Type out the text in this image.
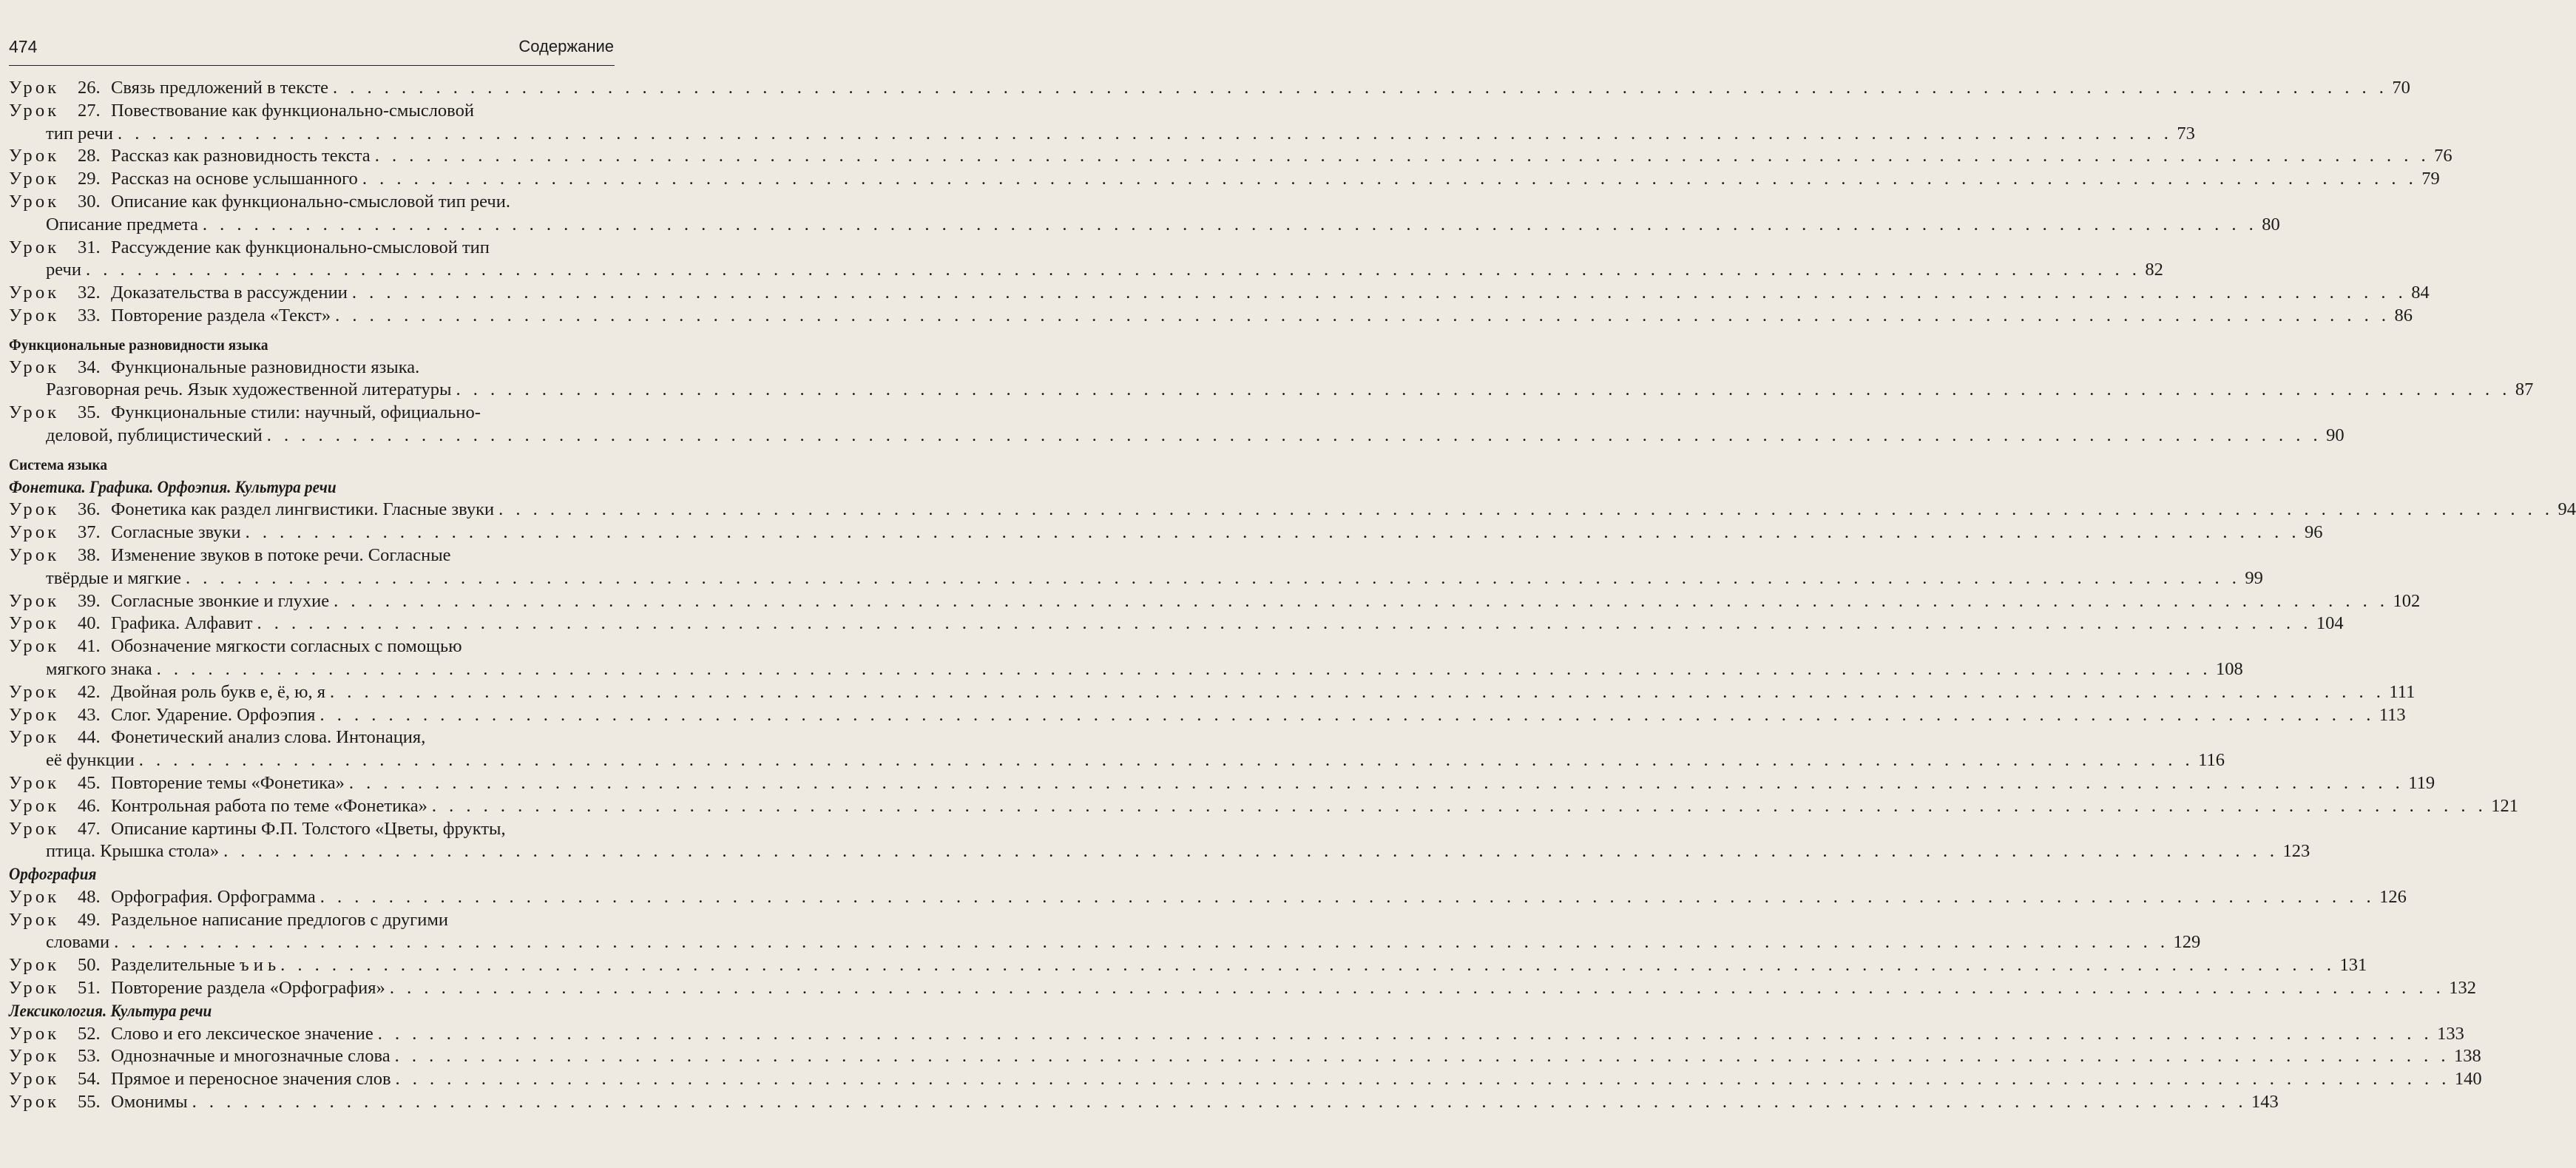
474	Содержание
Урок 26. Связь предложений в тексте . . . . . . . . . . . . . . . . . . . . . . . . . . . . . . . . . . . . . . . . . . . . . . . . . . . . . . . . . . . . . . . . . . . . . . . . . . . . . . . . . . . . . . . . . . . . . . . . . . . . . . . . . . . . . . . . . . . . . . . . 70
Урок 27. Повествование как функционально-смысловой
тип речи . . . . . . . . . . . . . . . . . . . . . . . . . . . . . . . . . . . . . . . . . . . . . . . . . . . . . . . . . . . . . . . . . . . . . . . . . . . . . . . . . . . . . . . . . . . . . . . . . . . . . . . . . . . . . . . . . . . . . . . . 73
Урок 28. Рассказ как разновидность текста . . . . . . . . . . . . . . . . . . . . . . . . . . . . . . . . . . . . . . . . . . . . . . . . . . . . . . . . . . . . . . . . . . . . . . . . . . . . . . . . . . . . . . . . . . . . . . . . . . . . . . . . . . . . . . . . . . . . . . . . 76
Урок 29. Рассказ на основе услышанного . . . . . . . . . . . . . . . . . . . . . . . . . . . . . . . . . . . . . . . . . . . . . . . . . . . . . . . . . . . . . . . . . . . . . . . . . . . . . . . . . . . . . . . . . . . . . . . . . . . . . . . . . . . . . . . . . . . . . . . . 79
Урок 30. Описание как функционально-смысловой тип речи.
Описание предмета . . . . . . . . . . . . . . . . . . . . . . . . . . . . . . . . . . . . . . . . . . . . . . . . . . . . . . . . . . . . . . . . . . . . . . . . . . . . . . . . . . . . . . . . . . . . . . . . . . . . . . . . . . . . . . . . . . . . . . . . 80
Урок 31. Рассуждение как функционально-смысловой тип
речи . . . . . . . . . . . . . . . . . . . . . . . . . . . . . . . . . . . . . . . . . . . . . . . . . . . . . . . . . . . . . . . . . . . . . . . . . . . . . . . . . . . . . . . . . . . . . . . . . . . . . . . . . . . . . . . . . . . . . . . . 82
Урок 32. Доказательства в рассуждении . . . . . . . . . . . . . . . . . . . . . . . . . . . . . . . . . . . . . . . . . . . . . . . . . . . . . . . . . . . . . . . . . . . . . . . . . . . . . . . . . . . . . . . . . . . . . . . . . . . . . . . . . . . . . . . . . . . . . . . . 84
Урок 33. Повторение раздела «Текст» . . . . . . . . . . . . . . . . . . . . . . . . . . . . . . . . . . . . . . . . . . . . . . . . . . . . . . . . . . . . . . . . . . . . . . . . . . . . . . . . . . . . . . . . . . . . . . . . . . . . . . . . . . . . . . . . . . . . . . . . 86
Функциональные разновидности языка
Урок 34. Функциональные разновидности языка.
Разговорная речь. Язык художественной литературы . . . . . . . . . . . . . . . . . . . . . . . . . . . . . . . . . . . . . . . . . . . . . . . . . . . . . . . . . . . . . . . . . . . . . . . . . . . . . . . . . . . . . . . . . . . . . . . . . . . . . . . . . . . . . . . . . . . . . . . . 87
Урок 35. Функциональные стили: научный, официально-
деловой, публицистический . . . . . . . . . . . . . . . . . . . . . . . . . . . . . . . . . . . . . . . . . . . . . . . . . . . . . . . . . . . . . . . . . . . . . . . . . . . . . . . . . . . . . . . . . . . . . . . . . . . . . . . . . . . . . . . . . . . . . . . . 90
Система языка
Фонетика. Графика. Орфоэпия. Культура речи
Урок 36. Фонетика как раздел лингвистики. Гласные звуки . . . . . . . . . . . . . . . . . . . . . . . . . . . . . . . . . . . . . . . . . . . . . . . . . . . . . . . . . . . . . . . . . . . . . . . . . . . . . . . . . . . . . . . . . . . . . . . . . . . . . . . . . . . . . . . . . . . . . . . . 94
Урок 37. Согласные звуки . . . . . . . . . . . . . . . . . . . . . . . . . . . . . . . . . . . . . . . . . . . . . . . . . . . . . . . . . . . . . . . . . . . . . . . . . . . . . . . . . . . . . . . . . . . . . . . . . . . . . . . . . . . . . . . . . . . . . . . . 96
Урок 38. Изменение звуков в потоке речи. Согласные
твёрдые и мягкие . . . . . . . . . . . . . . . . . . . . . . . . . . . . . . . . . . . . . . . . . . . . . . . . . . . . . . . . . . . . . . . . . . . . . . . . . . . . . . . . . . . . . . . . . . . . . . . . . . . . . . . . . . . . . . . . . . . . . . . . 99
Урок 39. Согласные звонкие и глухие . . . . . . . . . . . . . . . . . . . . . . . . . . . . . . . . . . . . . . . . . . . . . . . . . . . . . . . . . . . . . . . . . . . . . . . . . . . . . . . . . . . . . . . . . . . . . . . . . . . . . . . . . . . . . . . . . . . . . . . . 102
Урок 40. Графика. Алфавит . . . . . . . . . . . . . . . . . . . . . . . . . . . . . . . . . . . . . . . . . . . . . . . . . . . . . . . . . . . . . . . . . . . . . . . . . . . . . . . . . . . . . . . . . . . . . . . . . . . . . . . . . . . . . . . . . . . . . . . . 104
Урок 41. Обозначение мягкости согласных с помощью
мягкого знака . . . . . . . . . . . . . . . . . . . . . . . . . . . . . . . . . . . . . . . . . . . . . . . . . . . . . . . . . . . . . . . . . . . . . . . . . . . . . . . . . . . . . . . . . . . . . . . . . . . . . . . . . . . . . . . . . . . . . . . . 108
Урок 42. Двойная роль букв е, ё, ю, я . . . . . . . . . . . . . . . . . . . . . . . . . . . . . . . . . . . . . . . . . . . . . . . . . . . . . . . . . . . . . . . . . . . . . . . . . . . . . . . . . . . . . . . . . . . . . . . . . . . . . . . . . . . . . . . . . . . . . . . . 111
Урок 43. Слог. Ударение. Орфоэпия . . . . . . . . . . . . . . . . . . . . . . . . . . . . . . . . . . . . . . . . . . . . . . . . . . . . . . . . . . . . . . . . . . . . . . . . . . . . . . . . . . . . . . . . . . . . . . . . . . . . . . . . . . . . . . . . . . . . . . . . 113
Урок 44. Фонетический анализ слова. Интонация,
её функции . . . . . . . . . . . . . . . . . . . . . . . . . . . . . . . . . . . . . . . . . . . . . . . . . . . . . . . . . . . . . . . . . . . . . . . . . . . . . . . . . . . . . . . . . . . . . . . . . . . . . . . . . . . . . . . . . . . . . . . . 116
Урок 45. Повторение темы «Фонетика» . . . . . . . . . . . . . . . . . . . . . . . . . . . . . . . . . . . . . . . . . . . . . . . . . . . . . . . . . . . . . . . . . . . . . . . . . . . . . . . . . . . . . . . . . . . . . . . . . . . . . . . . . . . . . . . . . . . . . . . . 119
Урок 46. Контрольная работа по теме «Фонетика» . . . . . . . . . . . . . . . . . . . . . . . . . . . . . . . . . . . . . . . . . . . . . . . . . . . . . . . . . . . . . . . . . . . . . . . . . . . . . . . . . . . . . . . . . . . . . . . . . . . . . . . . . . . . . . . . . . . . . . . . 121
Урок 47. Описание картины Ф.П. Толстого «Цветы, фрукты,
птица. Крышка стола» . . . . . . . . . . . . . . . . . . . . . . . . . . . . . . . . . . . . . . . . . . . . . . . . . . . . . . . . . . . . . . . . . . . . . . . . . . . . . . . . . . . . . . . . . . . . . . . . . . . . . . . . . . . . . . . . . . . . . . . . 123
Орфография
Урок 48. Орфография. Орфограмма . . . . . . . . . . . . . . . . . . . . . . . . . . . . . . . . . . . . . . . . . . . . . . . . . . . . . . . . . . . . . . . . . . . . . . . . . . . . . . . . . . . . . . . . . . . . . . . . . . . . . . . . . . . . . . . . . . . . . . . . 126
Урок 49. Раздельное написание предлогов с другими
словами . . . . . . . . . . . . . . . . . . . . . . . . . . . . . . . . . . . . . . . . . . . . . . . . . . . . . . . . . . . . . . . . . . . . . . . . . . . . . . . . . . . . . . . . . . . . . . . . . . . . . . . . . . . . . . . . . . . . . . . . 129
Урок 50. Разделительные ъ и ь . . . . . . . . . . . . . . . . . . . . . . . . . . . . . . . . . . . . . . . . . . . . . . . . . . . . . . . . . . . . . . . . . . . . . . . . . . . . . . . . . . . . . . . . . . . . . . . . . . . . . . . . . . . . . . . . . . . . . . . . 131
Урок 51. Повторение раздела «Орфография» . . . . . . . . . . . . . . . . . . . . . . . . . . . . . . . . . . . . . . . . . . . . . . . . . . . . . . . . . . . . . . . . . . . . . . . . . . . . . . . . . . . . . . . . . . . . . . . . . . . . . . . . . . . . . . . . . . . . . . . . 132
Лексикология. Культура речи
Урок 52. Слово и его лексическое значение . . . . . . . . . . . . . . . . . . . . . . . . . . . . . . . . . . . . . . . . . . . . . . . . . . . . . . . . . . . . . . . . . . . . . . . . . . . . . . . . . . . . . . . . . . . . . . . . . . . . . . . . . . . . . . . . . . . . . . . . 133
Урок 53. Однозначные и многозначные слова . . . . . . . . . . . . . . . . . . . . . . . . . . . . . . . . . . . . . . . . . . . . . . . . . . . . . . . . . . . . . . . . . . . . . . . . . . . . . . . . . . . . . . . . . . . . . . . . . . . . . . . . . . . . . . . . . . . . . . . . 138
Урок 54. Прямое и переносное значения слов . . . . . . . . . . . . . . . . . . . . . . . . . . . . . . . . . . . . . . . . . . . . . . . . . . . . . . . . . . . . . . . . . . . . . . . . . . . . . . . . . . . . . . . . . . . . . . . . . . . . . . . . . . . . . . . . . . . . . . . . 140
Урок 55. Омонимы . . . . . . . . . . . . . . . . . . . . . . . . . . . . . . . . . . . . . . . . . . . . . . . . . . . . . . . . . . . . . . . . . . . . . . . . . . . . . . . . . . . . . . . . . . . . . . . . . . . . . . . . . . . . . . . . . . . . . . . . 143
